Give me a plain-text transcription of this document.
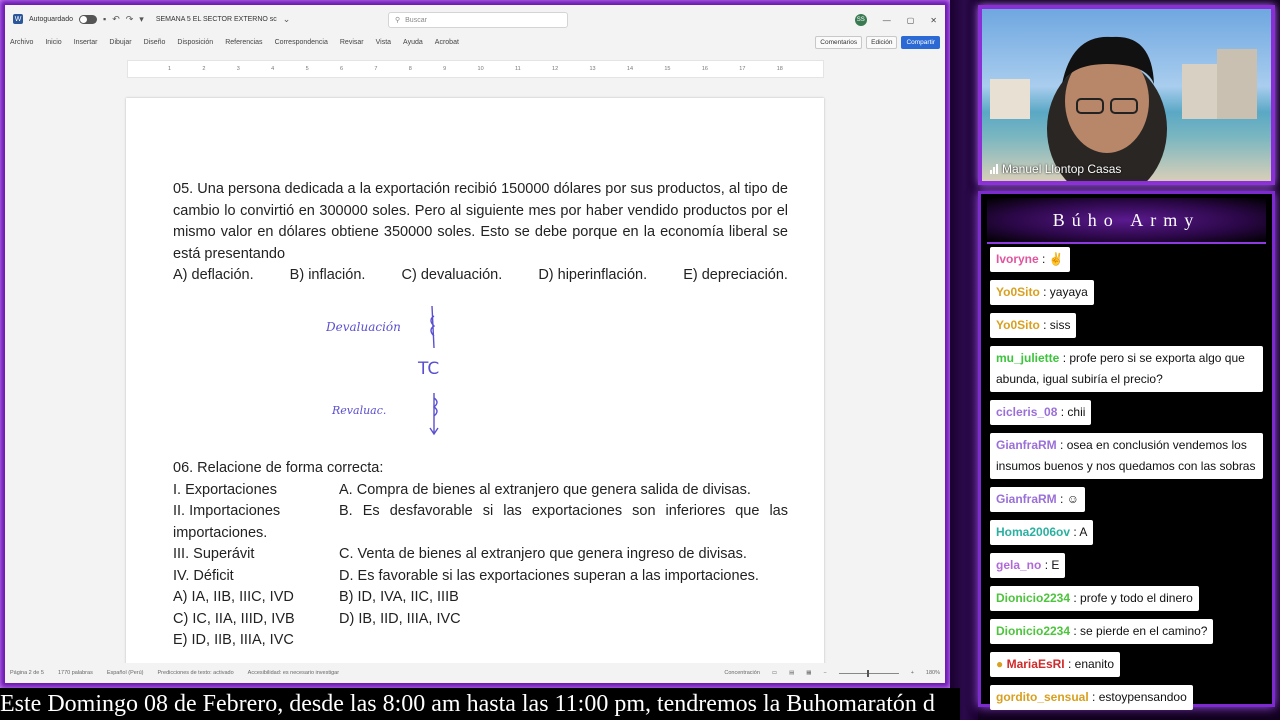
W Autoguardado	▪ ↶ ↷ ▾ SEMANA 5 EL SECTOR EXTERNO sc ⌄	⚲ Buscar	SS — ▢ ✕
Archivo Inicio Insertar Dibujar Diseño Disposición Referencias Correspondencia Revisar Vista Ayuda Acrobat	Comentarios	Edición	Compartir
1	2	3	4	5	6	7	8	9	10	11	12	13	14	15	16	17	18

05. Una persona dedicada a la exportación recibió 150000 dólares por sus productos, al tipo de cambio lo convirtió en 300000 soles. Pero al siguiente mes por haber vendido productos por el mismo valor en dólares obtiene 350000 soles. Esto se debe porque en la economía liberal se está presentando

A) deflación. B) inflación. C) devaluación. D) hiperinflación. E) depreciación.
Devaluación
TC
Revaluac.
06. Relacione de forma correcta:
I. Exportaciones	A. Compra de bienes al extranjero que genera salida de divisas.
II. Importaciones	B. Es desfavorable si las exportaciones son inferiores que las
importaciones.
III. Superávit	C. Venta de bienes al extranjero que genera ingreso de divisas.
IV. Déficit	D. Es favorable si las exportaciones superan a las importaciones.
A) IA, IIB, IIIC, IVD	B) ID, IVA, IIC, IIIB
C) IC, IIA, IIID, IVB	D) IB, IID, IIIA, IVC
E) ID, IIB, IIIA, IVC
Página 2 de 5	1770 palabras	Español (Perú)	Predicciones de texto: activado	Accesibilidad: es necesario investigar	Concentración ▭ ▤ ▦ −	+ 180%
Manuel Llontop Casas
Búho Army
Ivoryne : ✌
Yo0Sito : yayaya
Yo0Sito : siss
mu_juliette : profe pero si se exporta algo que abunda, igual subiría el precio?
cicleris_08 : chii
GianfraRM : osea en conclusión vendemos los insumos buenos y nos quedamos con las sobras
GianfraRM : ☺
Homa2006ov : A
gela_no : E
Dionicio2234 : profe y todo el dinero
Dionicio2234 : se pierde en el camino?
● MariaEsRI : enanito
gordito_sensual : estoypensandoo
Este Domingo 08 de Febrero, desde las 8:00 am hasta las 11:00 pm, tendremos la Buhomaratón d
